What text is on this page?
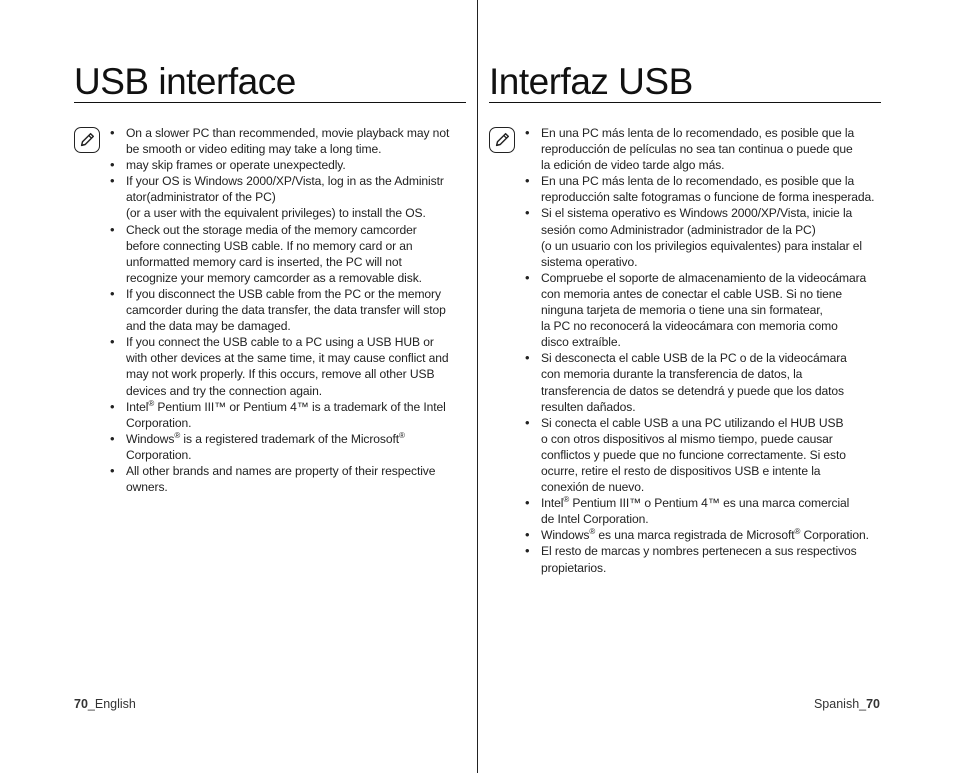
USB interface
• On a slower PC than recommended, movie playback may not
be smooth or video editing may take a long time.
• may skip frames or operate unexpectedly.
• If your OS is Windows 2000/XP/Vista, log in as the Administr
ator(administrator of the PC)
(or a user with the equivalent privileges) to install the OS.
• Check out the storage media of the memory camcorder
before connecting USB cable. If no memory card or an
unformatted memory card is inserted, the PC will not
recognize your memory camcorder as a removable disk.
• If you disconnect the USB cable from the PC or the memory
camcorder during the data transfer, the data transfer will stop
and the data may be damaged.
• If you connect the USB cable to a PC using a USB HUB or
with other devices at the same time, it may cause conflict and
may not work properly. If this occurs, remove all other USB
devices and try the connection again.
• Intel® Pentium III™ or Pentium 4™ is a trademark of the Intel
Corporation.
• Windows® is a registered trademark of the Microsoft®
Corporation.
• All other brands and names are property of their respective
owners.
70_English
Interfaz USB
• En una PC más lenta de lo recomendado, es posible que la
reproducción de películas no sea tan continua o puede que
la edición de video tarde algo más.
• En una PC más lenta de lo recomendado, es posible que la
reproducción salte fotogramas o funcione de forma inesperada.
• Si el sistema operativo es Windows 2000/XP/Vista, inicie la
sesión como Administrador (administrador de la PC)
(o un usuario con los privilegios equivalentes) para instalar el
sistema operativo.
• Compruebe el soporte de almacenamiento de la videocámara
con memoria antes de conectar el cable USB. Si no tiene
ninguna tarjeta de memoria o tiene una sin formatear,
la PC no reconocerá la videocámara con memoria como
disco extraíble.
• Si desconecta el cable USB de la PC o de la videocámara
con memoria durante la transferencia de datos, la
transferencia de datos se detendrá y puede que los datos
resulten dañados.
• Si conecta el cable USB a una PC utilizando el HUB USB
o con otros dispositivos al mismo tiempo, puede causar
conflictos y puede que no funcione correctamente. Si esto
ocurre, retire el resto de dispositivos USB e intente la
conexión de nuevo.
• Intel® Pentium III™ o Pentium 4™ es una marca comercial
de Intel Corporation.
• Windows® es una marca registrada de Microsoft® Corporation.
• El resto de marcas y nombres pertenecen a sus respectivos
propietarios.
Spanish_70
